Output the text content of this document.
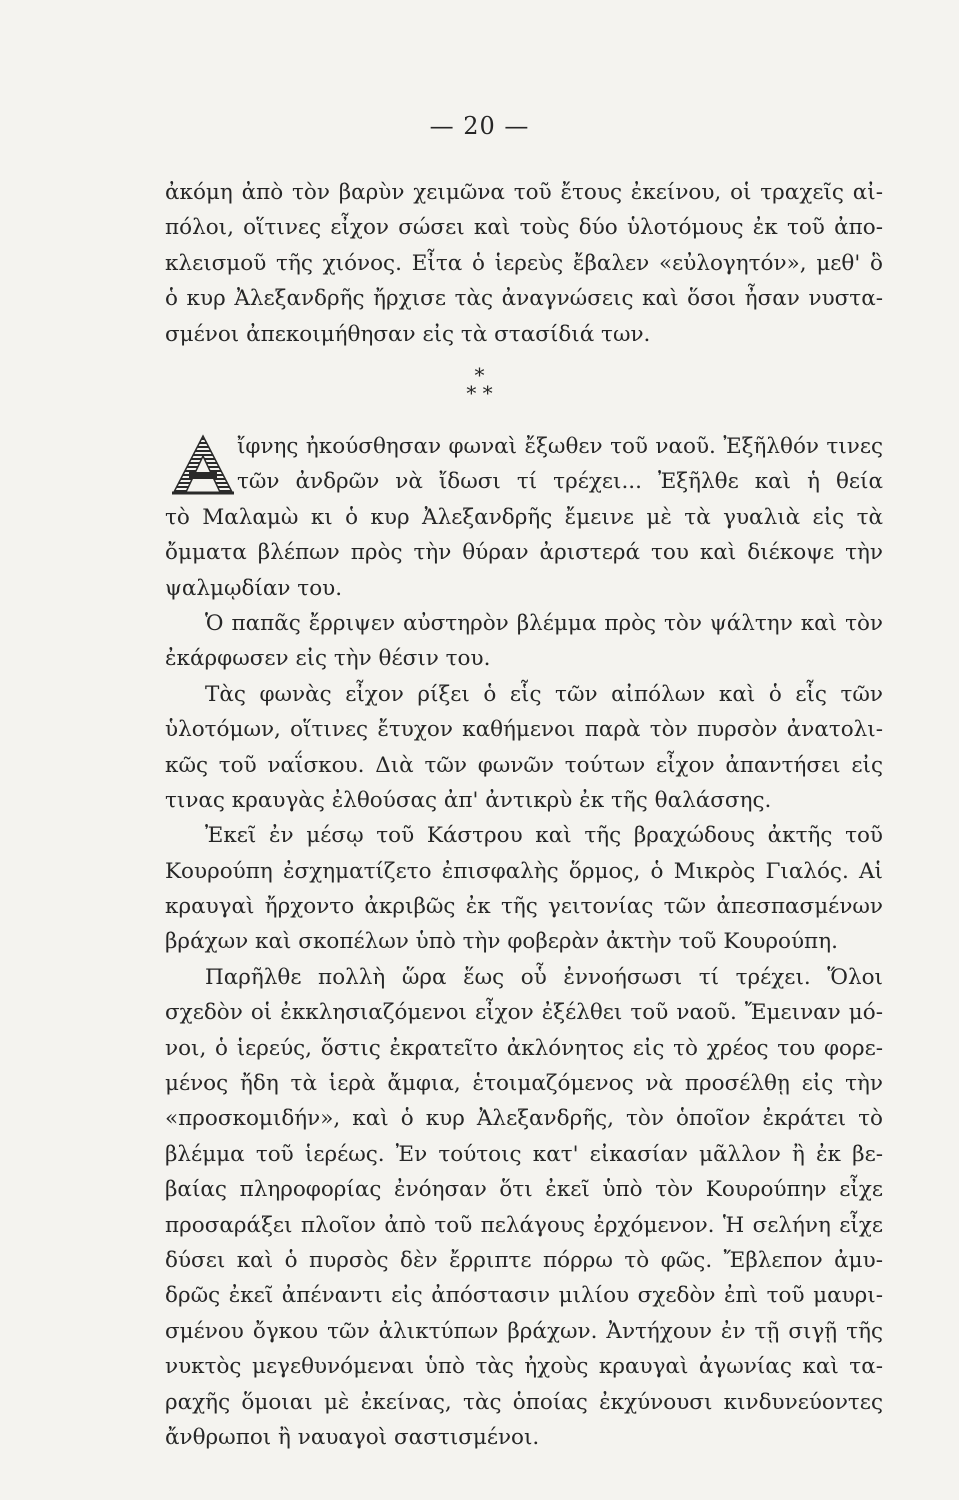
— 20 —
ἀκόμη ἀπὸ τὸν βαρὺν χειμῶνα τοῦ ἔτους ἐκείνου, οἱ τραχεῖς αἰ-
πόλοι, οἵτινες εἶχον σώσει καὶ τοὺς δύο ὑλοτόμους ἐκ τοῦ ἀπο-
κλεισμοῦ τῆς χιόνος. Εἶτα ὁ ἱερεὺς ἔβαλεν «εὐλογητόν», μεθ' ὃ
ὁ κυρ Ἀλεξανδρῆς ἤρχισε τὰς ἀναγνώσεις καὶ ὅσοι ἦσαν νυστα-
σμένοι ἀπεκοιμήθησαν εἰς τὰ στασίδιά των.
*
* *
ἴφνης ἠκούσθησαν φωναὶ ἔξωθεν τοῦ ναοῦ. Ἐξῆλθόν τινες
τῶν ἀνδρῶν νὰ ἴδωσι τί τρέχει... Ἐξῆλθε καὶ ἡ θεία
τὸ Μαλαμὼ κι ὁ κυρ Ἀλεξανδρῆς ἔμεινε μὲ τὰ γυαλιὰ εἰς τὰ
ὄμματα βλέπων πρὸς τὴν θύραν ἀριστερά του καὶ διέκοψε τὴν
ψαλμῳδίαν του.
Ὁ παπᾶς ἔρριψεν αὐστηρὸν βλέμμα πρὸς τὸν ψάλτην καὶ τὸν
ἐκάρφωσεν εἰς τὴν θέσιν του.
Τὰς φωνὰς εἶχον ρίξει ὁ εἷς τῶν αἰπόλων καὶ ὁ εἷς τῶν
ὑλοτόμων, οἵτινες ἔτυχον καθήμενοι παρὰ τὸν πυρσὸν ἀνατολι-
κῶς τοῦ ναΐσκου. Διὰ τῶν φωνῶν τούτων εἶχον ἀπαντήσει εἰς
τινας κραυγὰς ἐλθούσας ἀπ' ἀντικρὺ ἐκ τῆς θαλάσσης.
Ἐκεῖ ἐν μέσῳ τοῦ Κάστρου καὶ τῆς βραχώδους ἀκτῆς τοῦ
Κουρούπη ἐσχηματίζετο ἐπισφαλὴς ὅρμος, ὁ Μικρὸς Γιαλός. Αἱ
κραυγαὶ ἤρχοντο ἀκριβῶς ἐκ τῆς γειτονίας τῶν ἀπεσπασμένων
βράχων καὶ σκοπέλων ὑπὸ τὴν φοβερὰν ἀκτὴν τοῦ Κουρούπη.
Παρῆλθε πολλὴ ὥρα ἕως οὗ ἐννοήσωσι τί τρέχει. Ὅλοι
σχεδὸν οἱ ἐκκλησιαζόμενοι εἶχον ἐξέλθει τοῦ ναοῦ. Ἔμειναν μό-
νοι, ὁ ἱερεύς, ὅστις ἐκρατεῖτο ἀκλόνητος εἰς τὸ χρέος του φορε-
μένος ἤδη τὰ ἱερὰ ἄμφια, ἑτοιμαζόμενος νὰ προσέλθῃ εἰς τὴν
«προσκομιδήν», καὶ ὁ κυρ Ἀλεξανδρῆς, τὸν ὁποῖον ἐκράτει τὸ
βλέμμα τοῦ ἱερέως. Ἐν τούτοις κατ' εἰκασίαν μᾶλλον ἢ ἐκ βε-
βαίας πληροφορίας ἐνόησαν ὅτι ἐκεῖ ὑπὸ τὸν Κουρούπην εἶχε
προσαράξει πλοῖον ἀπὸ τοῦ πελάγους ἐρχόμενον. Ἡ σελήνη εἶχε
δύσει καὶ ὁ πυρσὸς δὲν ἔρριπτε πόρρω τὸ φῶς. Ἔβλεπον ἀμυ-
δρῶς ἐκεῖ ἀπέναντι εἰς ἀπόστασιν μιλίου σχεδὸν ἐπὶ τοῦ μαυρι-
σμένου ὄγκου τῶν ἀλικτύπων βράχων. Ἀντήχουν ἐν τῇ σιγῇ τῆς
νυκτὸς μεγεθυνόμεναι ὑπὸ τὰς ἠχοὺς κραυγαὶ ἀγωνίας καὶ τα-
ραχῆς ὅμοιαι μὲ ἐκείνας, τὰς ὁποίας ἐκχύνουσι κινδυνεύοντες
ἄνθρωποι ἢ ναυαγοὶ σαστισμένοι.
